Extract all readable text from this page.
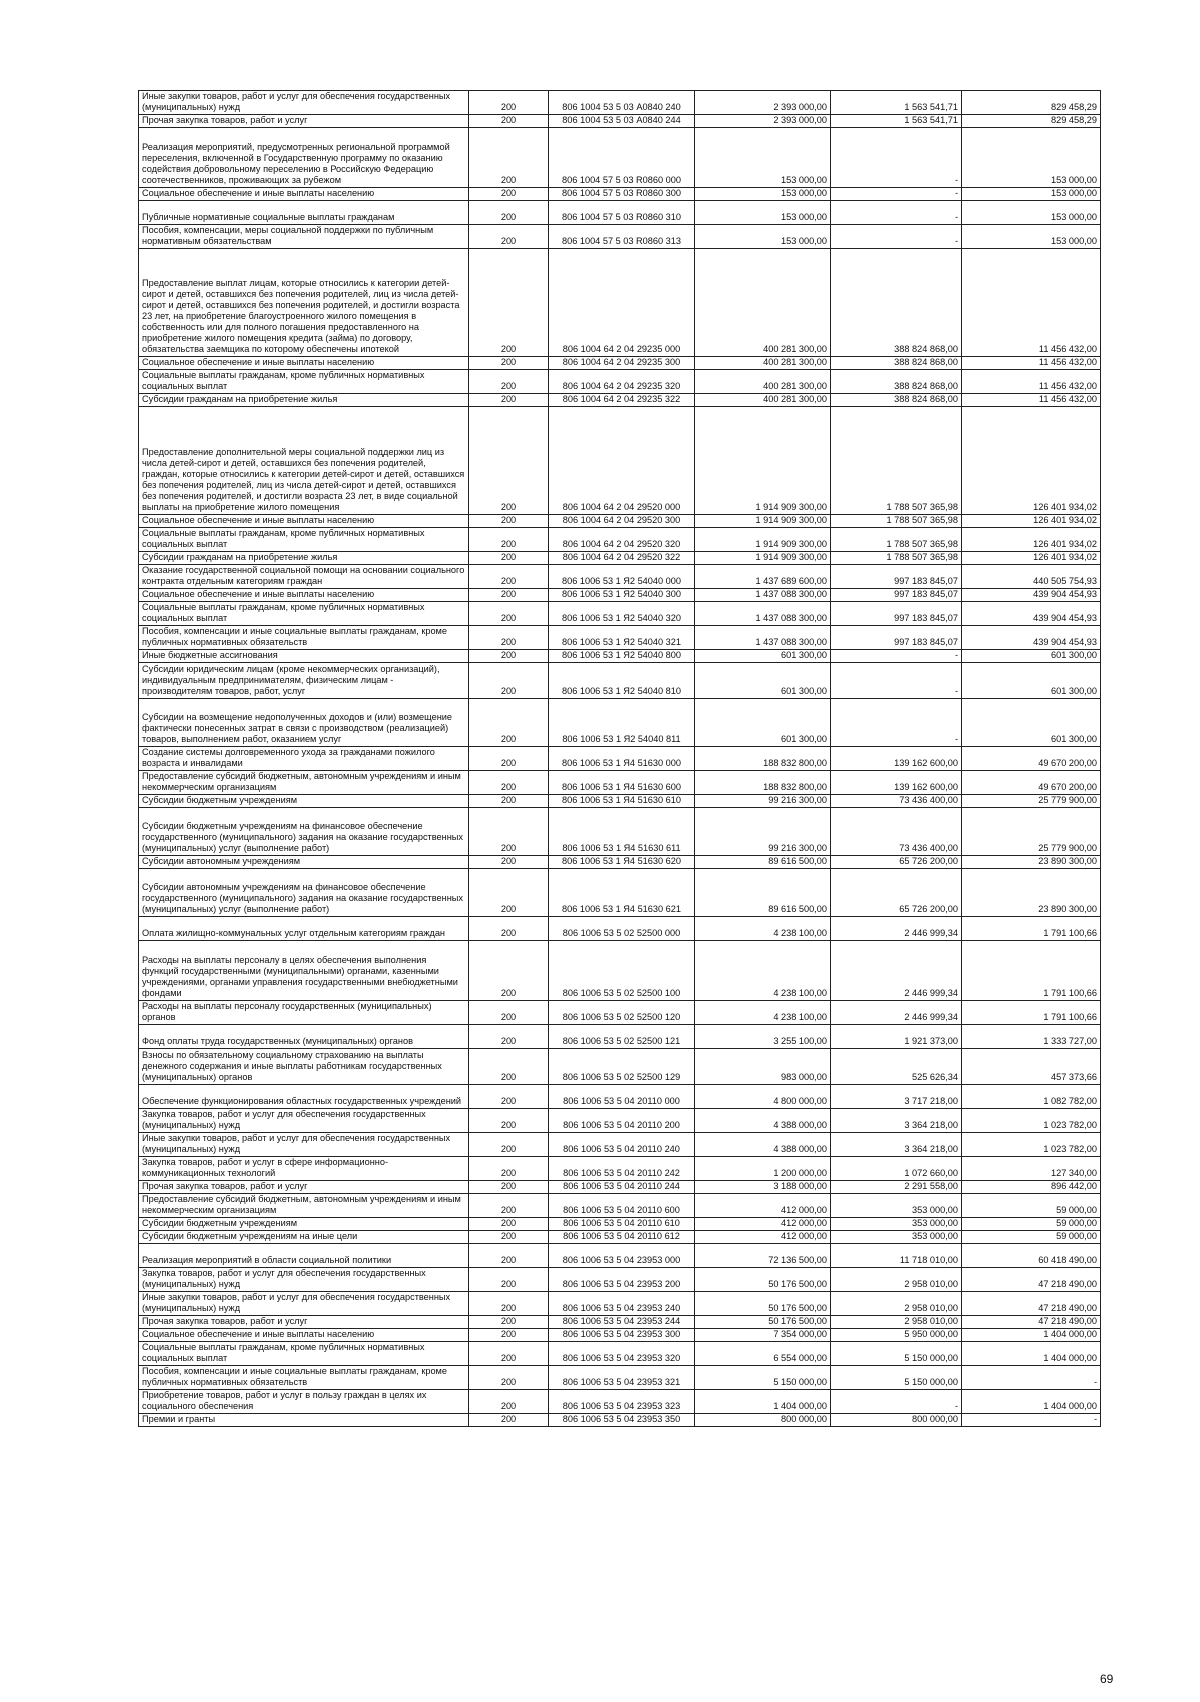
Иные закупки товаров, работ и услуг для обеспечения государственных (муниципальных) нужд	200	806 1004 53 5 03 А0840 240	2 393 000,00	1 563 541,71	829 458,29
Прочая закупка товаров, работ и услуг	200	806 1004 53 5 03 А0840 244	2 393 000,00	1 563 541,71	829 458,29
Реализация мероприятий, предусмотренных региональной программой переселения, включенной в Государственную программу по оказанию содействия добровольному переселению в Российскую Федерацию соотечественников, проживающих за рубежом	200	806 1004 57 5 03 R0860 000	153 000,00	-	153 000,00
Социальное обеспечение и иные выплаты населению	200	806 1004 57 5 03 R0860 300	153 000,00	-	153 000,00
Публичные нормативные социальные выплаты гражданам	200	806 1004 57 5 03 R0860 310	153 000,00	-	153 000,00
Пособия, компенсации, меры социальной поддержки по публичным нормативным обязательствам	200	806 1004 57 5 03 R0860 313	153 000,00	-	153 000,00
Предоставление выплат лицам, которые относились к категории детей-сирот и детей, оставшихся без попечения родителей, лиц из числа детей-сирот и детей, оставшихся без попечения родителей, и достигли возраста 23 лет, на приобретение благоустроенного жилого помещения в собственность или для полного погашения предоставленного на приобретение жилого помещения кредита (займа) по договору, обязательства заемщика по которому обеспечены ипотекой	200	806 1004 64 2 04 29235 000	400 281 300,00	388 824 868,00	11 456 432,00
Социальное обеспечение и иные выплаты населению	200	806 1004 64 2 04 29235 300	400 281 300,00	388 824 868,00	11 456 432,00
Социальные выплаты гражданам, кроме публичных нормативных социальных выплат	200	806 1004 64 2 04 29235 320	400 281 300,00	388 824 868,00	11 456 432,00
Субсидии гражданам на приобретение жилья	200	806 1004 64 2 04 29235 322	400 281 300,00	388 824 868,00	11 456 432,00
Предоставление дополнительной меры социальной поддержки лиц из числа детей-сирот и детей, оставшихся без попечения родителей, граждан, которые относились к категории детей-сирот и детей, оставшихся без попечения родителей, лиц из числа детей-сирот и детей, оставшихся без попечения родителей, и достигли возраста 23 лет, в виде социальной выплаты на приобретение жилого помещения	200	806 1004 64 2 04 29520 000	1 914 909 300,00	1 788 507 365,98	126 401 934,02
Социальное обеспечение и иные выплаты населению	200	806 1004 64 2 04 29520 300	1 914 909 300,00	1 788 507 365,98	126 401 934,02
Социальные выплаты гражданам, кроме публичных нормативных социальных выплат	200	806 1004 64 2 04 29520 320	1 914 909 300,00	1 788 507 365,98	126 401 934,02
Субсидии гражданам на приобретение жилья	200	806 1004 64 2 04 29520 322	1 914 909 300,00	1 788 507 365,98	126 401 934,02
Оказание государственной социальной помощи на основании социального контракта отдельным категориям граждан	200	806 1006 53 1 Я2 54040 000	1 437 689 600,00	997 183 845,07	440 505 754,93
Социальное обеспечение и иные выплаты населению	200	806 1006 53 1 Я2 54040 300	1 437 088 300,00	997 183 845,07	439 904 454,93
Социальные выплаты гражданам, кроме публичных нормативных социальных выплат	200	806 1006 53 1 Я2 54040 320	1 437 088 300,00	997 183 845,07	439 904 454,93
Пособия, компенсации и иные социальные выплаты гражданам, кроме публичных нормативных обязательств	200	806 1006 53 1 Я2 54040 321	1 437 088 300,00	997 183 845,07	439 904 454,93
Иные бюджетные ассигнования	200	806 1006 53 1 Я2 54040 800	601 300,00	-	601 300,00
Субсидии юридическим лицам (кроме некоммерческих организаций), индивидуальным предпринимателям, физическим лицам - производителям товаров, работ, услуг	200	806 1006 53 1 Я2 54040 810	601 300,00	-	601 300,00
Субсидии на возмещение недополученных доходов и (или) возмещение фактически понесенных затрат в связи с производством (реализацией) товаров, выполнением работ, оказанием услуг	200	806 1006 53 1 Я2 54040 811	601 300,00	-	601 300,00
Создание системы долговременного ухода за гражданами пожилого возраста и инвалидами	200	806 1006 53 1 Я4 51630 000	188 832 800,00	139 162 600,00	49 670 200,00
Предоставление субсидий бюджетным, автономным учреждениям и иным некоммерческим организациям	200	806 1006 53 1 Я4 51630 600	188 832 800,00	139 162 600,00	49 670 200,00
Субсидии бюджетным учреждениям	200	806 1006 53 1 Я4 51630 610	99 216 300,00	73 436 400,00	25 779 900,00
Субсидии бюджетным учреждениям на финансовое обеспечение государственного (муниципального) задания на оказание государственных (муниципальных) услуг (выполнение работ)	200	806 1006 53 1 Я4 51630 611	99 216 300,00	73 436 400,00	25 779 900,00
Субсидии автономным учреждениям	200	806 1006 53 1 Я4 51630 620	89 616 500,00	65 726 200,00	23 890 300,00
Субсидии автономным учреждениям на финансовое обеспечение государственного (муниципального) задания на оказание государственных (муниципальных) услуг (выполнение работ)	200	806 1006 53 1 Я4 51630 621	89 616 500,00	65 726 200,00	23 890 300,00
Оплата жилищно-коммунальных услуг отдельным категориям граждан	200	806 1006 53 5 02 52500 000	4 238 100,00	2 446 999,34	1 791 100,66
Расходы на выплаты персоналу в целях обеспечения выполнения функций государственными (муниципальными) органами, казенными учреждениями, органами управления государственными внебюджетными фондами	200	806 1006 53 5 02 52500 100	4 238 100,00	2 446 999,34	1 791 100,66
Расходы на выплаты персоналу государственных (муниципальных) органов	200	806 1006 53 5 02 52500 120	4 238 100,00	2 446 999,34	1 791 100,66
Фонд оплаты труда государственных (муниципальных) органов	200	806 1006 53 5 02 52500 121	3 255 100,00	1 921 373,00	1 333 727,00
Взносы по обязательному социальному страхованию на выплаты денежного содержания и иные выплаты работникам государственных (муниципальных) органов	200	806 1006 53 5 02 52500 129	983 000,00	525 626,34	457 373,66
Обеспечение функционирования областных государственных учреждений	200	806 1006 53 5 04 20110 000	4 800 000,00	3 717 218,00	1 082 782,00
Закупка товаров, работ и услуг для обеспечения государственных (муниципальных) нужд	200	806 1006 53 5 04 20110 200	4 388 000,00	3 364 218,00	1 023 782,00
Иные закупки товаров, работ и услуг для обеспечения государственных (муниципальных) нужд	200	806 1006 53 5 04 20110 240	4 388 000,00	3 364 218,00	1 023 782,00
Закупка товаров, работ и услуг в сфере информационно-коммуникационных технологий	200	806 1006 53 5 04 20110 242	1 200 000,00	1 072 660,00	127 340,00
Прочая закупка товаров, работ и услуг	200	806 1006 53 5 04 20110 244	3 188 000,00	2 291 558,00	896 442,00
Предоставление субсидий бюджетным, автономным учреждениям и иным некоммерческим организациям	200	806 1006 53 5 04 20110 600	412 000,00	353 000,00	59 000,00
Субсидии бюджетным учреждениям	200	806 1006 53 5 04 20110 610	412 000,00	353 000,00	59 000,00
Субсидии бюджетным учреждениям на иные цели	200	806 1006 53 5 04 20110 612	412 000,00	353 000,00	59 000,00
Реализация мероприятий в области социальной политики	200	806 1006 53 5 04 23953 000	72 136 500,00	11 718 010,00	60 418 490,00
Закупка товаров, работ и услуг для обеспечения государственных (муниципальных) нужд	200	806 1006 53 5 04 23953 200	50 176 500,00	2 958 010,00	47 218 490,00
Иные закупки товаров, работ и услуг для обеспечения государственных (муниципальных) нужд	200	806 1006 53 5 04 23953 240	50 176 500,00	2 958 010,00	47 218 490,00
Прочая закупка товаров, работ и услуг	200	806 1006 53 5 04 23953 244	50 176 500,00	2 958 010,00	47 218 490,00
Социальное обеспечение и иные выплаты населению	200	806 1006 53 5 04 23953 300	7 354 000,00	5 950 000,00	1 404 000,00
Социальные выплаты гражданам, кроме публичных нормативных социальных выплат	200	806 1006 53 5 04 23953 320	6 554 000,00	5 150 000,00	1 404 000,00
Пособия, компенсации и иные социальные выплаты гражданам, кроме публичных нормативных обязательств	200	806 1006 53 5 04 23953 321	5 150 000,00	5 150 000,00	-
Приобретение товаров, работ и услуг в пользу граждан в целях их социального обеспечения	200	806 1006 53 5 04 23953 323	1 404 000,00	-	1 404 000,00
Премии и гранты	200	806 1006 53 5 04 23953 350	800 000,00	800 000,00	-
69
